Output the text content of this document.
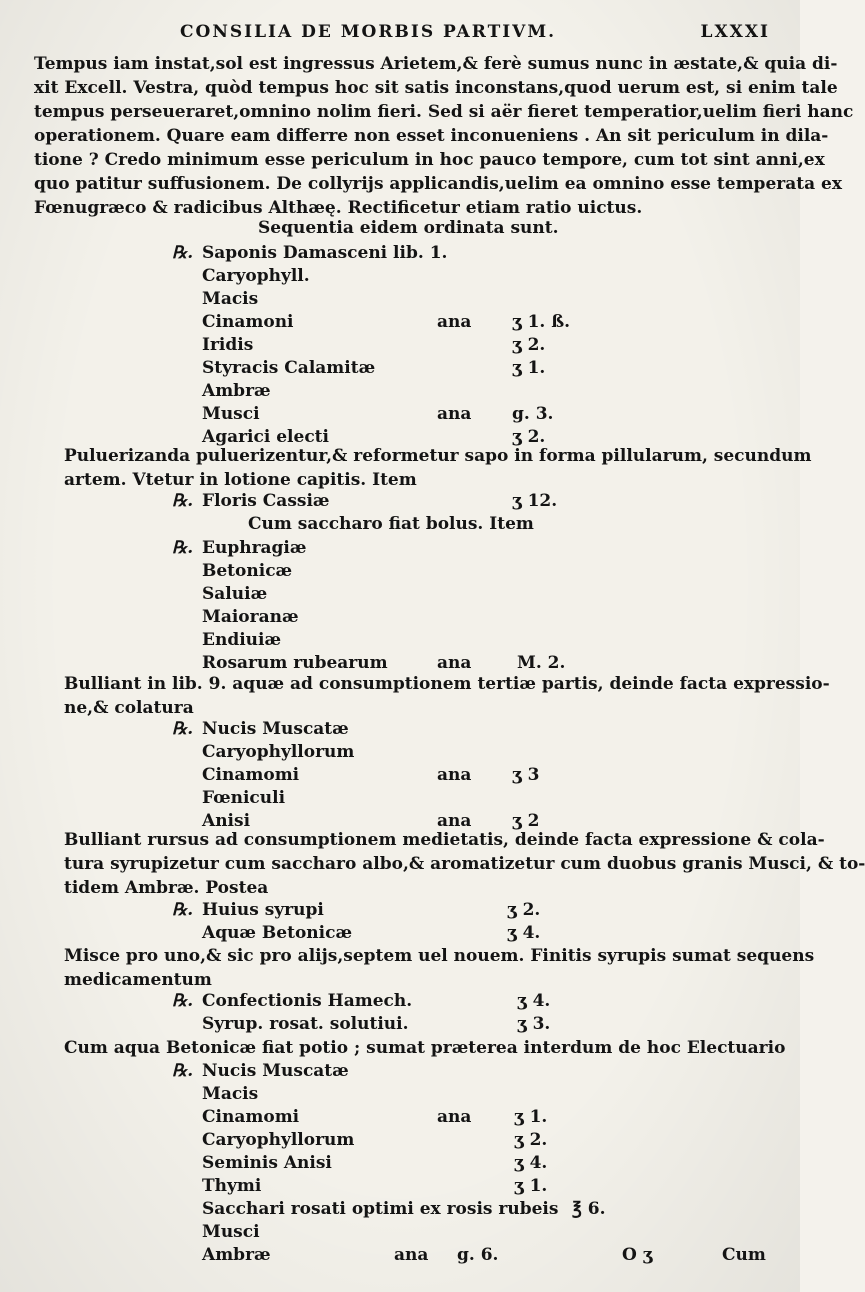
CONSILIA DE MORBIS PARTIVM.	LXXXI
Tempus iam instat,sol est ingressus Arietem,& ferè sumus nunc in æstate,& quia di-
xit Excell. Vestra, quòd tempus hoc sit satis inconstans,quod uerum est, si enim tale
tempus perseueraret,omnino nolim fieri. Sed si aër fieret temperatior,uelim fieri hanc
operationem. Quare eam differre non esset inconueniens . An sit periculum in dila-
tione ? Credo minimum esse periculum in hoc pauco tempore, cum tot sint anni,ex
quo patitur suffusionem. De collyrijs applicandis,uelim ea omnino esse temperata ex
Fœnugræco & radicibus Althæę. Rectificetur etiam ratio uictus.
Sequentia eidem ordinata sunt.
℞. Saponis Damasceni lib. 1.
Caryophyll.
Macis
Cinamoni	ana ʒ 1. ß.
Iridis	ʒ 2.
Styracis Calamitæ	ʒ 1.
Ambræ
Musci	ana g. 3.
Agarici electi	ʒ 2.
Puluerizanda puluerizentur,& reformetur sapo in forma pillularum, secundum
artem. Vtetur in lotione capitis. Item
℞. Floris Cassiæ	ʒ 12.
Cum saccharo fiat bolus. Item
℞. Euphragiæ
Betonicæ
Saluiæ
Maioranæ
Endiuiæ
Rosarum rubearum	ana	M. 2.
Bulliant in lib. 9. aquæ ad consumptionem tertiæ partis, deinde facta expressio-
ne,& colatura
℞. Nucis Muscatæ
Caryophyllorum
Cinamomi	ana ʒ 3
Fœniculi
Anisi	ana ʒ 2
Bulliant rursus ad consumptionem medietatis, deinde facta expressione & cola-
tura syrupizetur cum saccharo albo,& aromatizetur cum duobus granis Musci, & to-
tidem Ambræ. Postea
℞. Huius syrupi	ʒ 2.
Aquæ Betonicæ	ʒ 4.
Misce pro uno,& sic pro alijs,septem uel nouem. Finitis syrupis sumat sequens
medicamentum
℞. Confectionis Hamech.	ʒ 4.
Syrup. rosat. solutiui.	ʒ 3.
Cum aqua Betonicæ fiat potio ; sumat præterea interdum de hoc Electuario
℞. Nucis Muscatæ
Macis
Cinamomi	ana	ʒ 1.
Caryophyllorum	ʒ 2.
Seminis Anisi	ʒ 4.
Thymi	ʒ 1.
Sacchari rosati optimi ex rosis rubeis ℥ 6.
Musci
Ambræ	ana g. 6.	O ʒ	Cum
